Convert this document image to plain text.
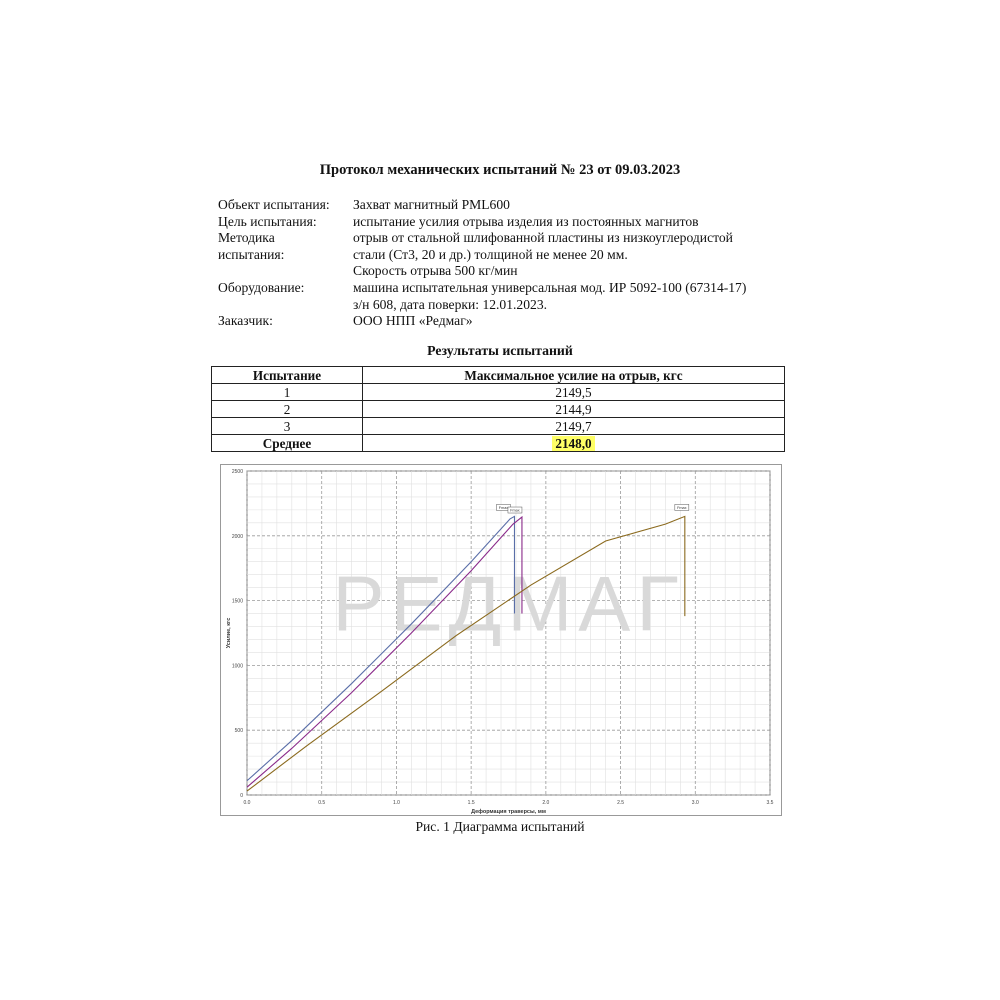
Протокол механических испытаний № 23 от 09.03.2023
Объект испытания:	Захват магнитный PML600
Цель испытания:	испытание усилия отрыва изделия из постоянных магнитов
Методика	отрыв от стальной шлифованной пластины из низкоуглеродистой
испытания:	стали (Ст3, 20 и др.) толщиной не менее 20 мм.
Скорость отрыва 500 кг/мин
Оборудование:	машина испытательная универсальная мод. ИР 5092-100 (67314-17)
з/н 608, дата поверки: 12.01.2023.
Заказчик:	ООО НПП «Редмаг»
Результаты испытаний
Испытание	Максимальное усилие на отрыв, кгс
1	2149,5
2	2144,9
3	2149,7
Среднее	2148,0
0.0	0.5	1.0	1.5	2.0	2.5	3.0	3.5
0
500
1000
1500
2000
2500
РЕДМАГ
Деформация траверсы, мм
Усилие, кгс
Fmax
Fmax
Fmax
Рис. 1 Диаграмма испытаний
